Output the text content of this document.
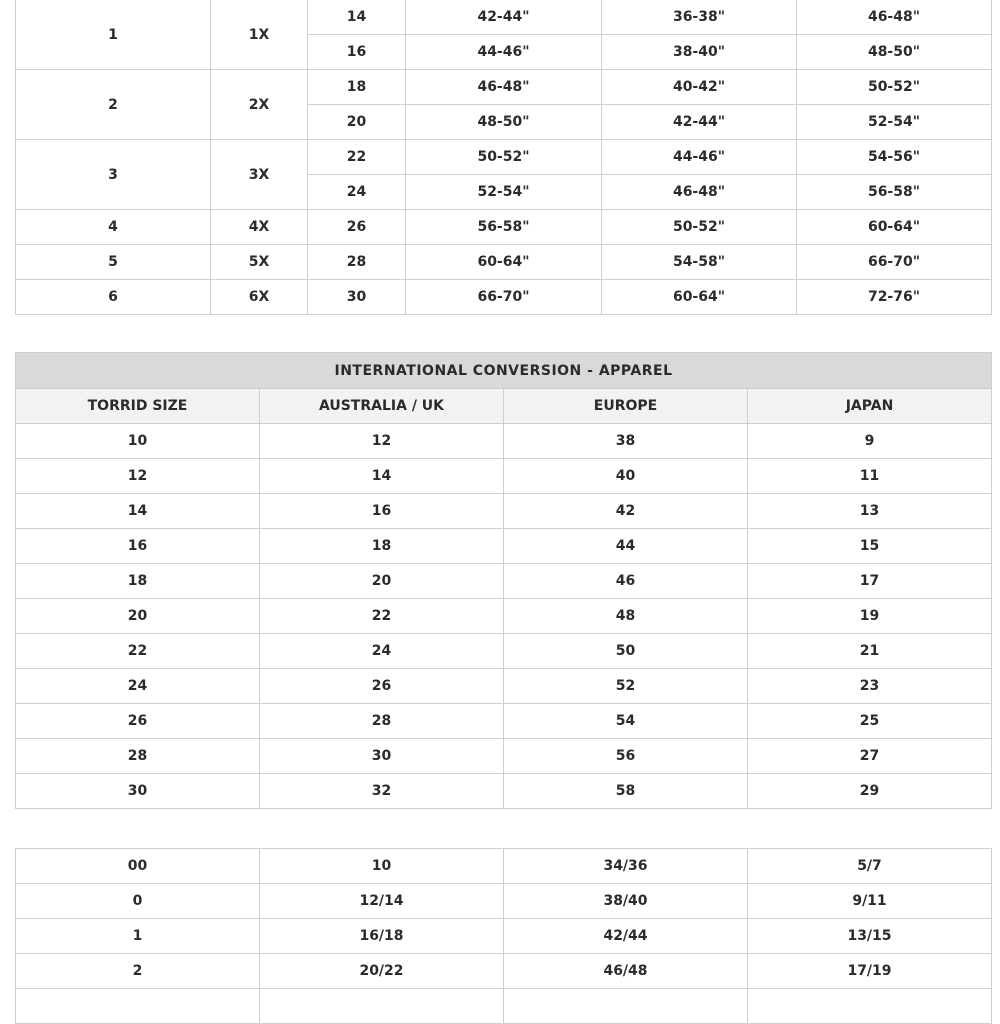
1	1X	14	42-44"	36-38"	46-48"
		16	44-46"	38-40"	48-50"
2	2X	18	46-48"	40-42"	50-52"
		20	48-50"	42-44"	52-54"
3	3X	22	50-52"	44-46"	54-56"
		24	52-54"	46-48"	56-58"
4	4X	26	56-58"	50-52"	60-64"
5	5X	28	60-64"	54-58"	66-70"
6	6X	30	66-70"	60-64"	72-76"
INTERNATIONAL CONVERSION - APPAREL			
TORRID SIZE	AUSTRALIA / UK	EUROPE	JAPAN
10	12	38	9
12	14	40	11
14	16	42	13
16	18	44	15
18	20	46	17
20	22	48	19
22	24	50	21
24	26	52	23
26	28	54	25
28	30	56	27
30	32	58	29
00	10	34/36	5/7
0	12/14	38/40	9/11
1	16/18	42/44	13/15
2	20/22	46/48	17/19
